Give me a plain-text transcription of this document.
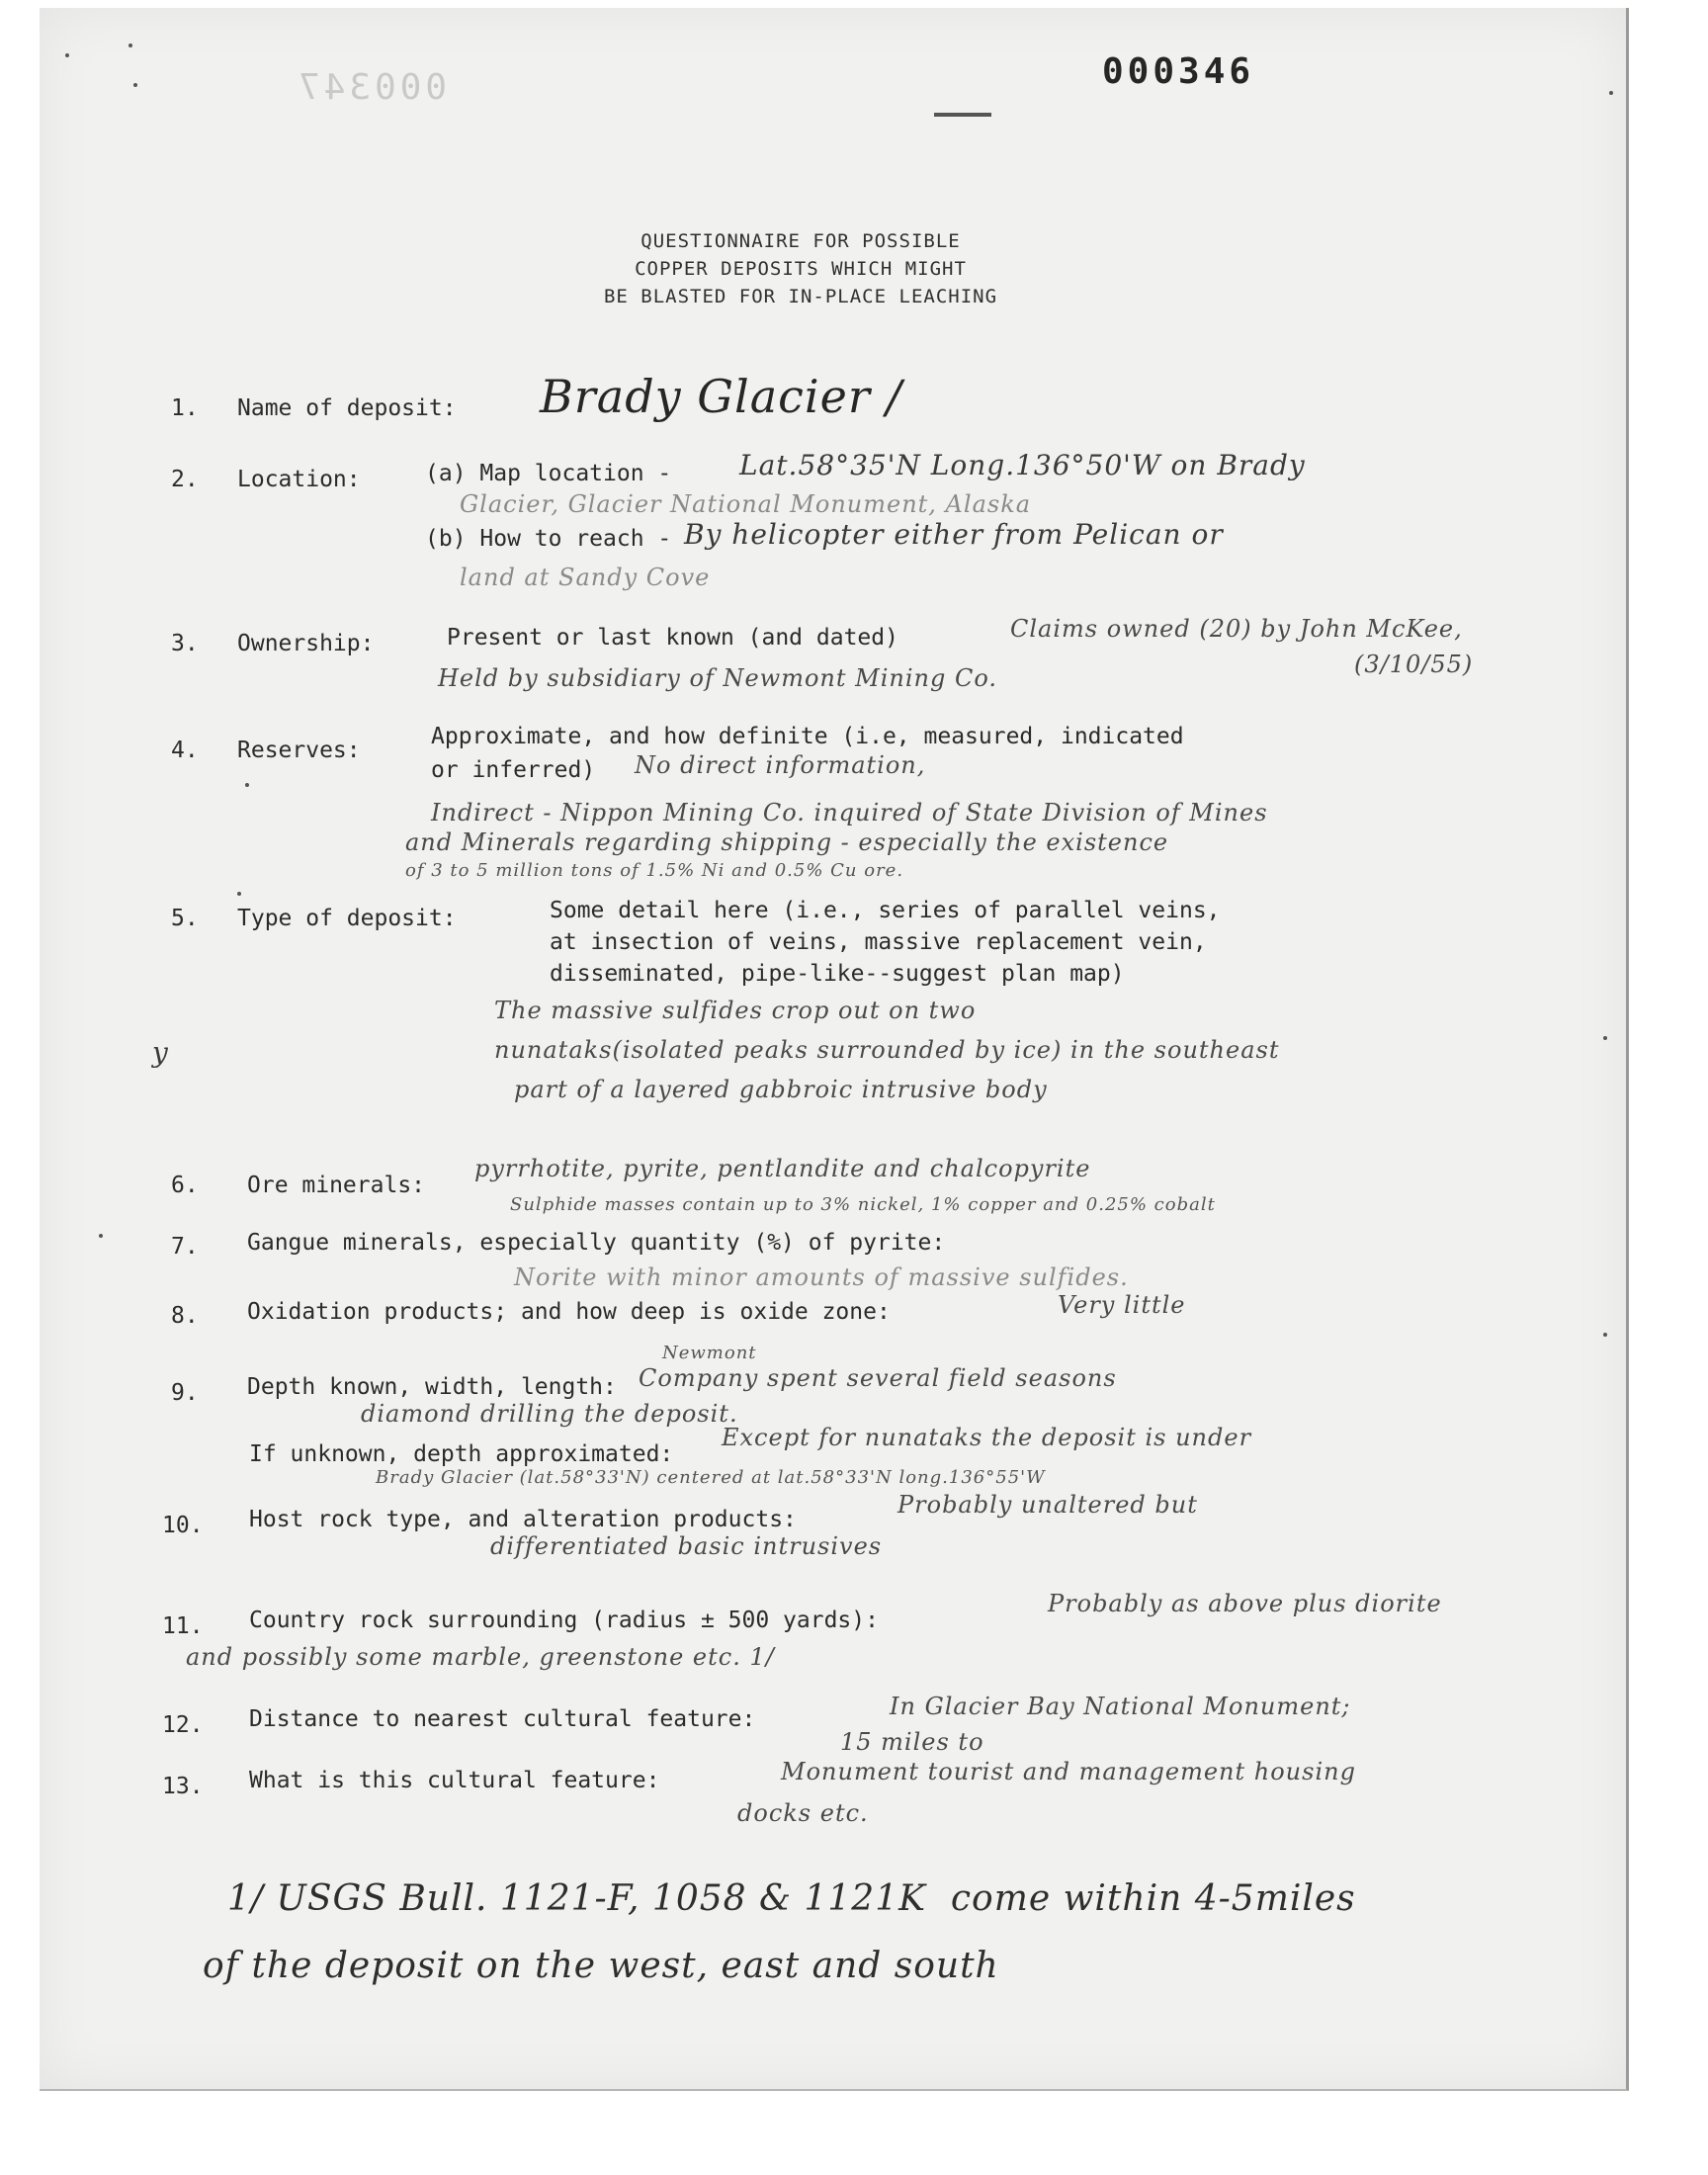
000347	000346
QUESTIONNAIRE FOR POSSIBLE
COPPER DEPOSITS WHICH MIGHT
BE BLASTED FOR IN-PLACE LEACHING
1. Name of deposit: Brady Glacier /
2. Location:	(a) Map location - Lat.58°35'N Long.136°50'W on Brady
Glacier, Glacier National Monument, Alaska
(b) How to reach - By helicopter either from Pelican or
land at Sandy Cove
3. Ownership:	Present or last known (and dated)	Claims owned (20) by John McKee,
(3/10/55)
Held by subsidiary of Newmont Mining Co.
4. Reserves:
Approximate, and how definite (i.e, measured, indicated
or inferred) No direct information,
Indirect - Nippon Mining Co. inquired of State Division of Mines
and Minerals regarding shipping - especially the existence
of 3 to 5 million tons of 1.5% Ni and 0.5% Cu ore.
5. Type of deposit:	Some detail here (i.e., series of parallel veins,
at insection of veins, massive replacement vein,
disseminated, pipe-like--suggest plan map)
The massive sulfides crop out on two
nunataks(isolated peaks surrounded by ice) in the southeast
part of a layered gabbroic intrusive body
6. Ore minerals:
pyrrhotite, pyrite, pentlandite and chalcopyrite
Sulphide masses contain up to 3% nickel, 1% copper and 0.25% cobalt
7. Gangue minerals, especially quantity (%) of pyrite:
Norite with minor amounts of massive sulfides.
8. Oxidation products; and how deep is oxide zone:	Very little
9. Depth known, width, length:
Newmont
Company spent several field seasons
diamond drilling the deposit.
If unknown, depth approximated:
Except for nunataks the deposit is under
Brady Glacier (lat.58°33'N) centered at lat.58°33'N long.136°55'W
10. Host rock type, and alteration products:
Probably unaltered but
differentiated basic intrusives
11. Country rock surrounding (radius ± 500 yards):
Probably as above plus diorite
and possibly some marble, greenstone etc. 1/
12. Distance to nearest cultural feature:	In Glacier Bay National Monument;
15 miles to
13. What is this cultural feature:	Monument tourist and management housing
docks etc.
1/ USGS Bull. 1121-F, 1058 & 1121K  come within 4-5miles
of the deposit on the west, east and south
y
